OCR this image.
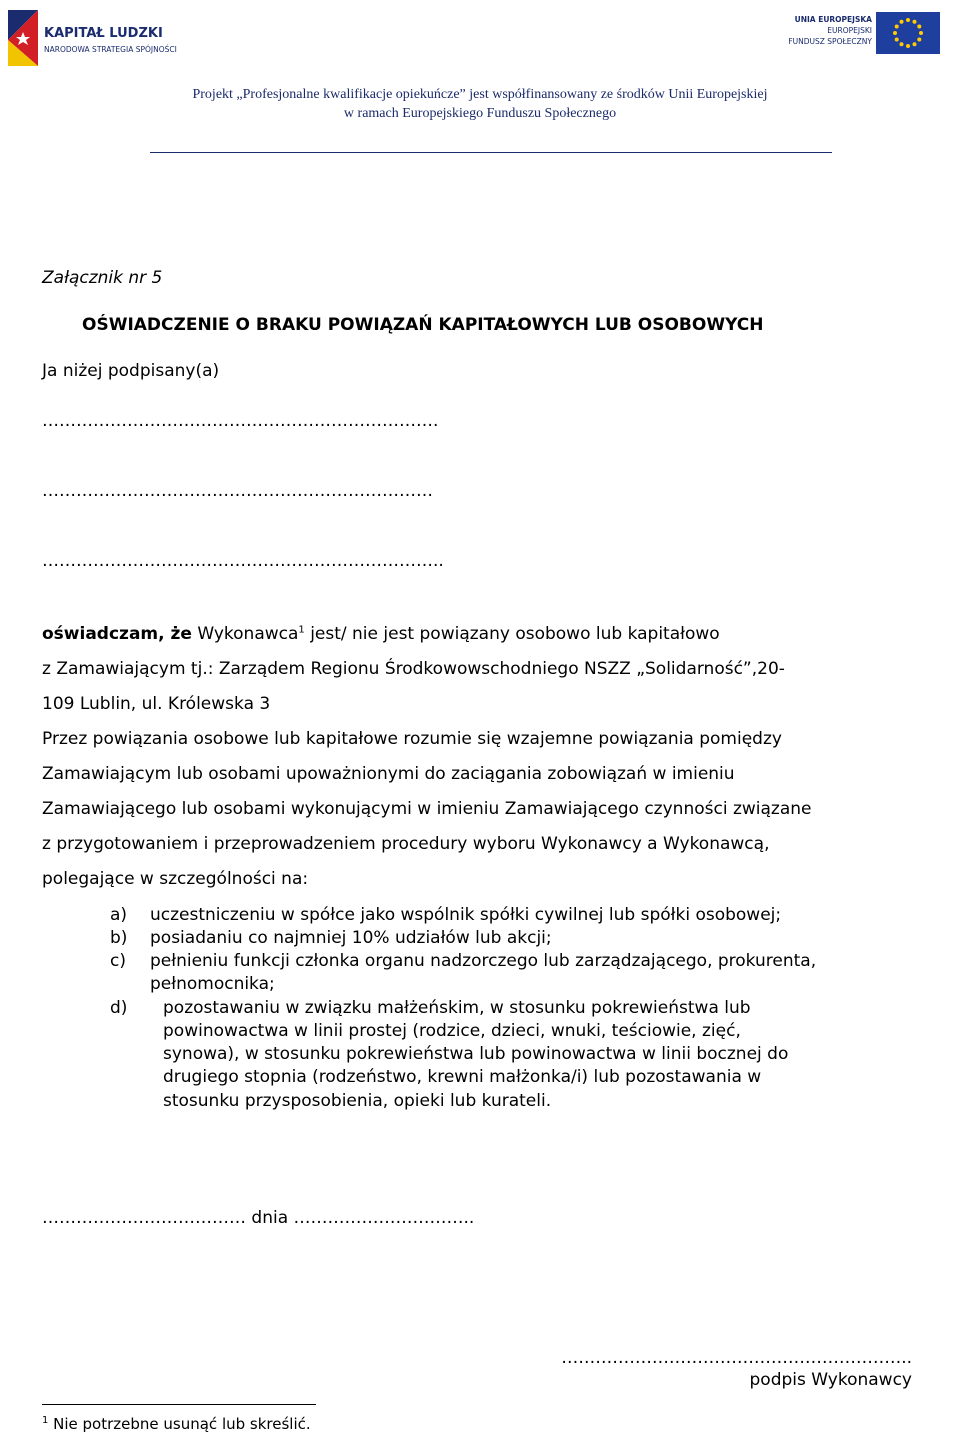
KAPITAŁ LUDZKI
NARODOWA STRATEGIA SPÓJNOŚCI
UNIA EUROPEJSKA
EUROPEJSKI
FUNDUSZ SPOŁECZNY
Projekt „Profesjonalne kwalifikacje opiekuńcze” jest współfinansowany ze środków Unii Europejskiej
w ramach Europejskiego Funduszu Społecznego
Załącznik nr 5
OŚWIADCZENIE O BRAKU POWIĄZAŃ KAPITAŁOWYCH LUB OSOBOWYCH
Ja niżej podpisany(a)
…………………………………………………………….
……………………………………………………………
……………………………………………………………..
oświadczam, że Wykonawca$^1$ jest/ nie jest powiązany osobowo lub kapitałowo
z Zamawiającym tj.: Zarządem Regionu Środkowowschodniego NSZZ „Solidarność”,20-
109 Lublin, ul. Królewska 3
Przez powiązania osobowe lub kapitałowe rozumie się wzajemne powiązania pomiędzy
Zamawiającym lub osobami upoważnionymi do zaciągania zobowiązań w imieniu
Zamawiającego lub osobami wykonującymi w imieniu Zamawiającego czynności związane
z przygotowaniem i przeprowadzeniem procedury wyboru Wykonawcy a Wykonawcą,
polegające w szczególności na:
a) uczestniczeniu w spółce jako wspólnik spółki cywilnej lub spółki osobowej;
b) posiadaniu co najmniej 10% udziałów lub akcji;
c) pełnieniu funkcji członka organu nadzorczego lub zarządzającego, prokurenta,
pełnomocnika;
d) pozostawaniu w związku małżeńskim, w stosunku pokrewieństwa lub
powinowactwa w linii prostej (rodzice, dzieci, wnuki, teściowie, zięć,
synowa), w stosunku pokrewieństwa lub powinowactwa w linii bocznej do
drugiego stopnia (rodzeństwo, krewni małżonka/i) lub pozostawania w
stosunku przysposobienia, opieki lub kurateli.
……………………………… dnia …………………………..
……………………………………………………..
podpis Wykonawcy
$^1$ Nie potrzebne usunąć lub skreślić.
